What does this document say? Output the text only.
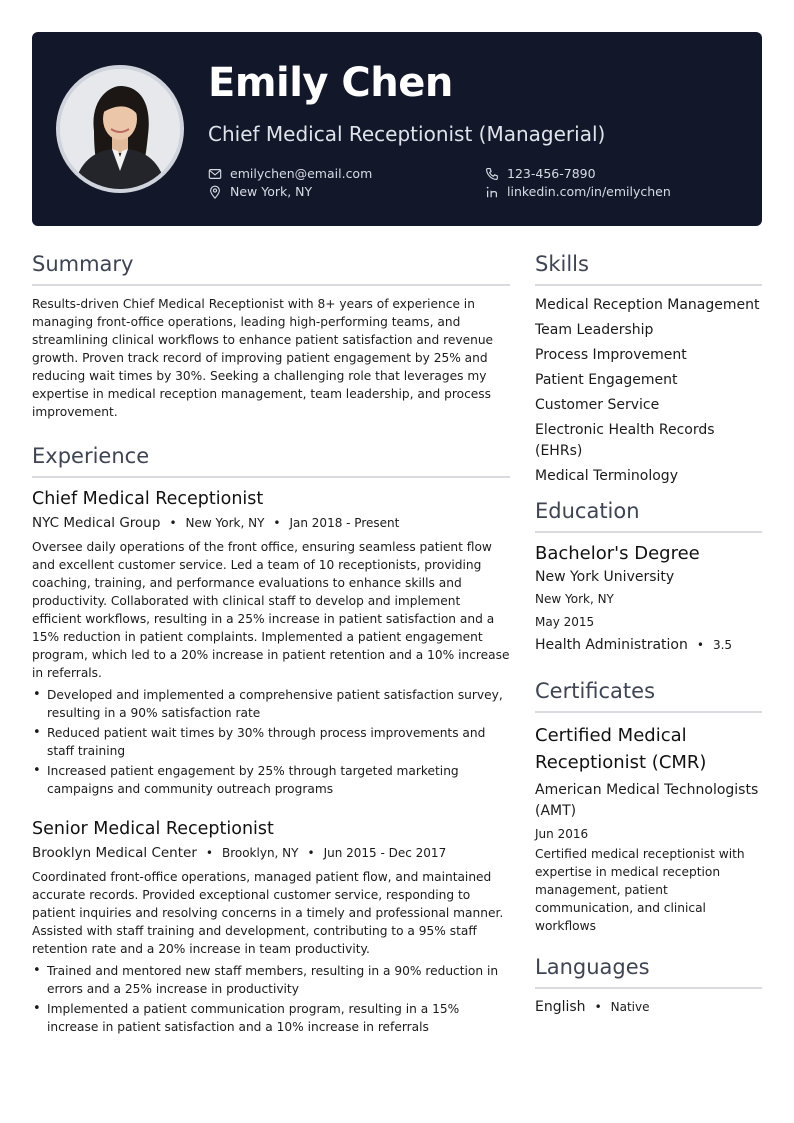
Emily Chen
Chief Medical Receptionist (Managerial)
emilychen@email.com
New York, NY
123-456-7890
linkedin.com/in/emilychen
Summary

Results-driven Chief Medical Receptionist with 8+ years of experience in managing front-office operations, leading high-performing teams, and streamlining clinical workflows to enhance patient satisfaction and revenue growth. Proven track record of improving patient engagement by 25% and reducing wait times by 30%. Seeking a challenging role that leverages my expertise in medical reception management, team leadership, and process improvement.

Experience
Chief Medical Receptionist
NYC Medical Group • New York, NY • Jan 2018 - Present

Oversee daily operations of the front office, ensuring seamless patient flow and excellent customer service. Led a team of 10 receptionists, providing coaching, training, and performance evaluations to enhance skills and productivity. Collaborated with clinical staff to develop and implement efficient workflows, resulting in a 25% increase in patient satisfaction and a 15% reduction in patient complaints. Implemented a patient engagement program, which led to a 20% increase in patient retention and a 10% increase in referrals.

• Developed and implemented a comprehensive patient satisfaction survey, resulting in a 90% satisfaction rate
• Reduced patient wait times by 30% through process improvements and staff training
• Increased patient engagement by 25% through targeted marketing campaigns and community outreach programs
Senior Medical Receptionist
Brooklyn Medical Center • Brooklyn, NY • Jun 2015 - Dec 2017

Coordinated front-office operations, managed patient flow, and maintained accurate records. Provided exceptional customer service, responding to patient inquiries and resolving concerns in a timely and professional manner. Assisted with staff training and development, contributing to a 95% staff retention rate and a 20% increase in team productivity.

• Trained and mentored new staff members, resulting in a 90% reduction in errors and a 25% increase in productivity
• Implemented a patient communication program, resulting in a 15% increase in patient satisfaction and a 10% increase in referrals
Skills
Medical Reception Management
Team Leadership
Process Improvement
Patient Engagement
Customer Service
Electronic Health Records (EHRs)
Medical Terminology
Education
Bachelor's Degree
New York University
New York, NY
May 2015
Health Administration • 3.5
Certificates
Certified Medical Receptionist (CMR)
American Medical Technologists (AMT)
Jun 2016

Certified medical receptionist with expertise in medical reception management, patient communication, and clinical workflows

Languages
English • Native
